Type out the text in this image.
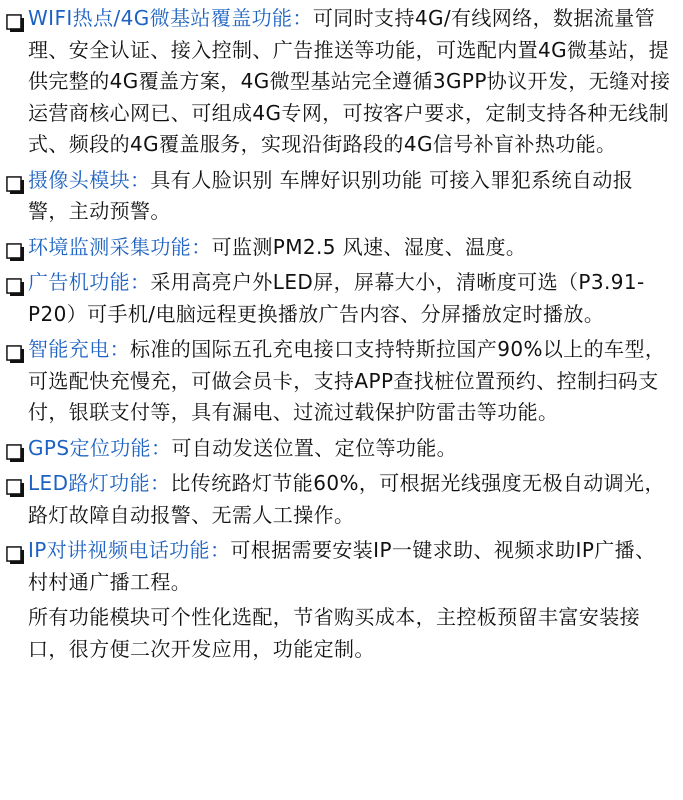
WIFI热点/4G微基站覆盖功能：可同时支持4G/有线网络，数据流量管理、安全认证、接入控制、广告推送等功能，可选配内置4G微基站，提供完整的4G覆盖方案，4G微型基站完全遵循3GPP协议开发，无缝对接运营商核心网已、可组成4G专网，可按客户要求，定制支持各种无线制式、频段的4G覆盖服务，实现沿街路段的4G信号补盲补热功能。
摄像头模块：具有人脸识别 车牌好识别功能 可接入罪犯系统自动报警，主动预警。
环境监测采集功能：可监测PM2.5 风速、湿度、温度。
广告机功能：采用高亮户外LED屏，屏幕大小，清晰度可选（P3.91-P20）可手机/电脑远程更换播放广告内容、分屏播放定时播放。
智能充电：标准的国际五孔充电接口支持特斯拉国产90%以上的车型，可选配快充慢充，可做会员卡，支持APP查找桩位置预约、控制扫码支付，银联支付等，具有漏电、过流过载保护防雷击等功能。
GPS定位功能：可自动发送位置、定位等功能。
LED路灯功能：比传统路灯节能60%，可根据光线强度无极自动调光，路灯故障自动报警、无需人工操作。
IP对讲视频电话功能：可根据需要安装IP一键求助、视频求助IP广播、村村通广播工程。
所有功能模块可个性化选配，节省购买成本，主控板预留丰富安装接口，很方便二次开发应用，功能定制。
